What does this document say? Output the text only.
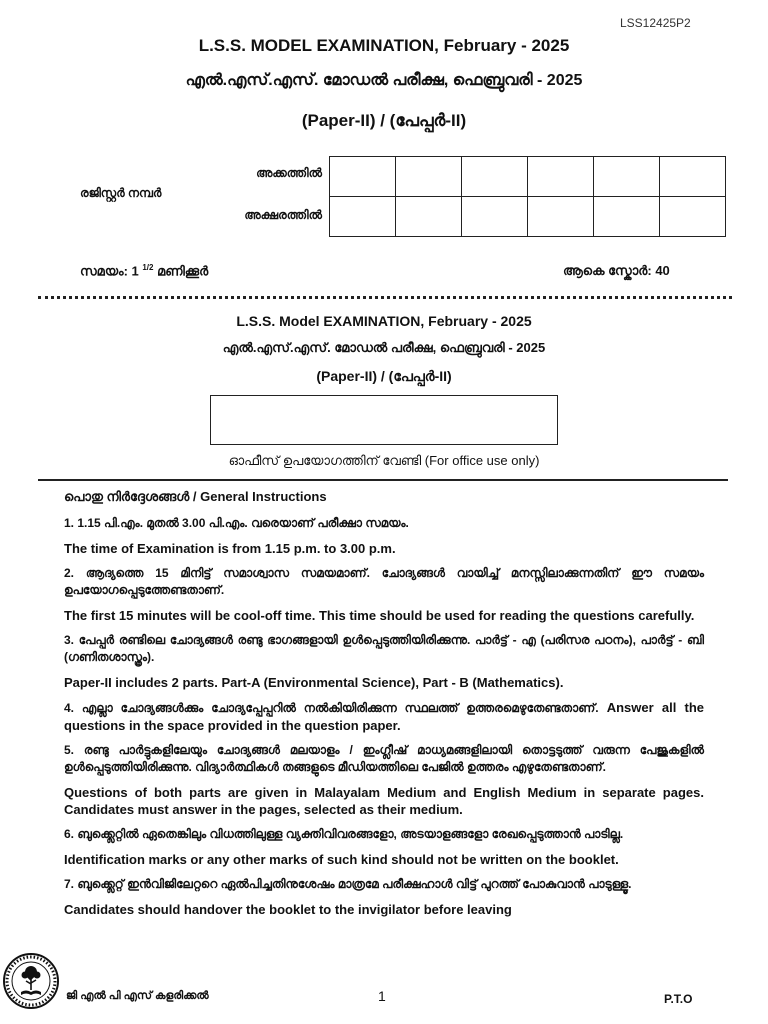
LSS12425P2
L.S.S. MODEL EXAMINATION, February - 2025
എൽ.എസ്.എസ്. മോഡൽ പരീക്ഷ, ഫെബ്രുവരി - 2025
(Paper-II) / (പേപ്പർ-II)
രജിസ്റ്റർ നമ്പർ
അക്കത്തിൽ
അക്ഷരത്തിൽ

സമയം: 1 $^{1/2}$ മണിക്കൂർ	ആകെ സ്കോർ: 40
L.S.S. Model EXAMINATION, February - 2025
എൽ.എസ്.എസ്. മോഡൽ പരീക്ഷ, ഫെബ്രുവരി - 2025
(Paper-II) / (പേപ്പർ-II)
ഓഫീസ് ഉപയോഗത്തിന് വേണ്ടി (For office use only)

പൊതു നിർദ്ദേശങ്ങൾ / General Instructions

1. 1.15 പി.എം. മുതൽ 3.00 പി.എം. വരെയാണ് പരീക്ഷാ സമയം.

The time of Examination is from 1.15 p.m. to 3.00 p.m.

2. ആദ്യത്തെ 15 മിനിട്ട് സമാശ്വാസ സമയമാണ്. ചോദ്യങ്ങൾ വായിച്ച് മനസ്സിലാക്കുന്നതിന് ഈ സമയം ഉപയോഗപ്പെടുത്തേണ്ടതാണ്.

The first 15 minutes will be cool-off time. This time should be used for reading the questions carefully.

3. പേപ്പർ രണ്ടിലെ ചോദ്യങ്ങൾ രണ്ടു ഭാഗങ്ങളായി ഉൾപ്പെടുത്തിയിരിക്കുന്നു. പാർട്ട് - എ (പരിസര പഠനം), പാർട്ട് - ബി (ഗണിതശാസ്ത്രം).

Paper-II includes 2 parts. Part-A (Environmental Science), Part - B (Mathematics).

4. എല്ലാ ചോദ്യങ്ങൾക്കും ചോദ്യപ്പേപ്പറിൽ നൽകിയിരിക്കുന്ന സ്ഥലത്ത് ഉത്തരമെഴുതേണ്ടതാണ്. Answer all the questions in the space provided in the question paper.

5. രണ്ടു പാർട്ടുകളിലേയും ചോദ്യങ്ങൾ മലയാളം / ഇംഗ്ലീഷ് മാധ്യമങ്ങളിലായി തൊട്ടടുത്ത് വരുന്ന പേജുകളിൽ ഉൾപ്പെടുത്തിയിരിക്കുന്നു. വിദ്യാർത്ഥികൾ തങ്ങളുടെ മീഡിയത്തിലെ പേജിൽ ഉത്തരം എഴുതേണ്ടതാണ്.

Questions of both parts are given in Malayalam Medium and English Medium in separate pages. Candidates must answer in the pages, selected as their medium.

6. ബുക്ക്ലെറ്റിൽ ഏതെങ്കിലും വിധത്തിലുള്ള വ്യക്തിവിവരങ്ങളോ, അടയാളങ്ങളോ രേഖപ്പെടുത്താൻ പാടില്ല.

Identification marks or any other marks of such kind should not be written on the booklet.

7. ബുക്ക്ലെറ്റ് ഇൻവിജിലേറ്ററെ ഏൽപിച്ചതിനുശേഷം മാത്രമേ പരീക്ഷഹാൾ വിട്ട് പുറത്ത് പോകുവാൻ പാടുള്ളൂ.

Candidates should handover the booklet to the invigilator before leaving

ജി എൽ പി എസ് കളരിക്കൽ	1	P.T.O
